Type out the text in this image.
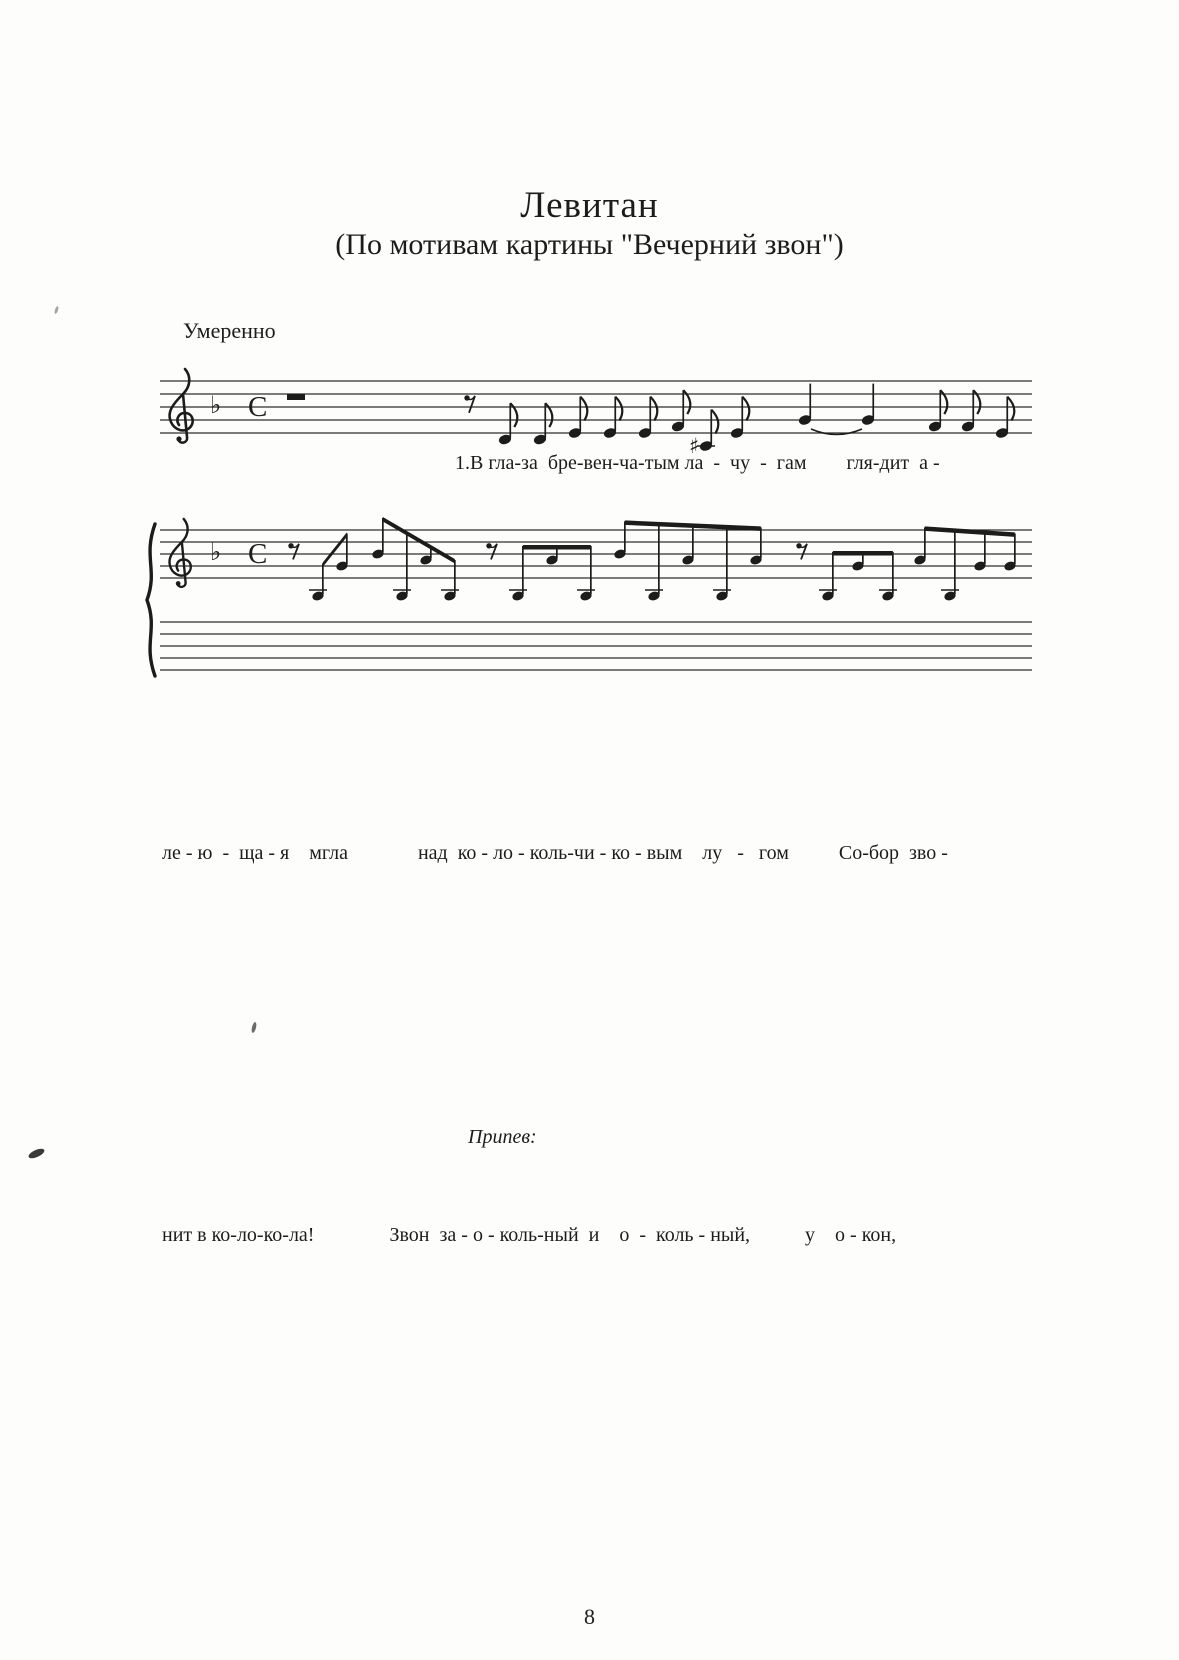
♭ C
♯
♭ C
Левитан
(По мотивам картины "Вечерний звон")
Умеренно
Припев:
1.В гла-за  бре-вен-ча-тым ла  -  чу  -  гам        гля-дит  а -
ле - ю  -  ща - я    мгла              над  ко - ло - коль-чи - ко - вым    лу   -   гом          Со-бор  зво -
нит в ко-ло-ко-ла!               Звон  за - о - коль-ный  и    о  -  коль - ный,           у    о - кон,
8
